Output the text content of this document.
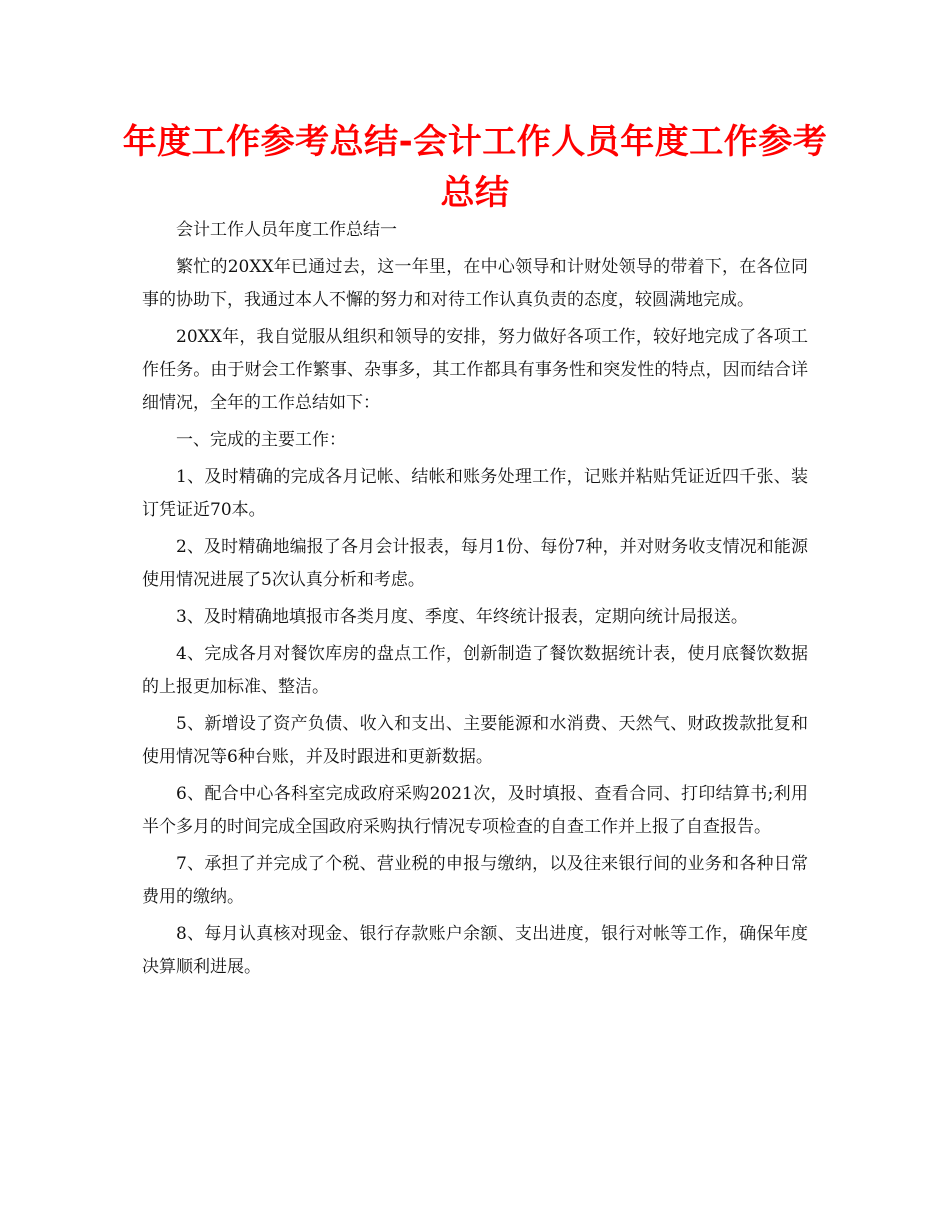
年度工作参考总结-会计工作人员年度工作参考总结

会计工作人员年度工作总结一

繁忙的20XX年已通过去，这一年里，在中心领导和计财处领导的带着下，在各位同事的协助下，我通过本人不懈的努力和对待工作认真负责的态度，较圆满地完成。

20XX年，我自觉服从组织和领导的安排，努力做好各项工作，较好地完成了各项工作任务。由于财会工作繁事、杂事多，其工作都具有事务性和突发性的特点，因而结合详细情况，全年的工作总结如下：

一、完成的主要工作：

1、及时精确的完成各月记帐、结帐和账务处理工作，记账并粘贴凭证近四千张、装订凭证近70本。

2、及时精确地编报了各月会计报表，每月1份、每份7种，并对财务收支情况和能源使用情况进展了5次认真分析和考虑。

3、及时精确地填报市各类月度、季度、年终统计报表，定期向统计局报送。

4、完成各月对餐饮库房的盘点工作，创新制造了餐饮数据统计表，使月底餐饮数据的上报更加标准、整洁。

5、新增设了资产负债、收入和支出、主要能源和水消费、天然气、财政拨款批复和使用情况等6种台账，并及时跟进和更新数据。

6、配合中心各科室完成政府采购2021次，及时填报、查看合同、打印结算书;利用半个多月的时间完成全国政府采购执行情况专项检查的自查工作并上报了自查报告。

7、承担了并完成了个税、营业税的申报与缴纳，以及往来银行间的业务和各种日常费用的缴纳。

8、每月认真核对现金、银行存款账户余额、支出进度，银行对帐等工作，确保年度决算顺利进展。
